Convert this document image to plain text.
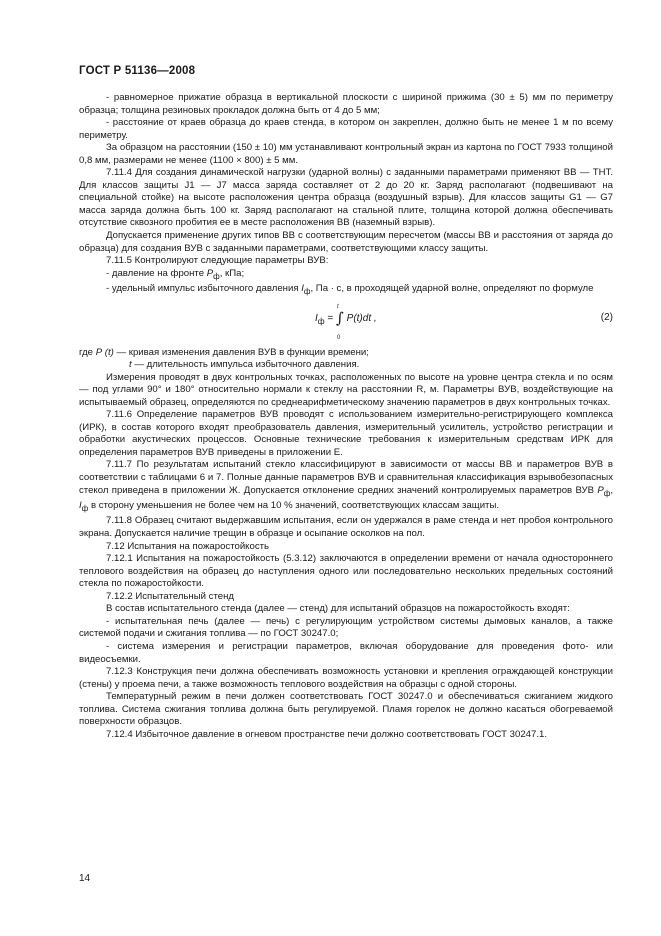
ГОСТ Р 51136—2008

- равномерное прижатие образца в вертикальной плоскости с шириной прижима (30 ± 5) мм по периметру образца; толщина резиновых прокладок должна быть от 4 до 5 мм;

- расстояние от краев образца до краев стенда, в котором он закреплен, должно быть не менее 1 м по всему периметру.

За образцом на расстоянии (150 ± 10) мм устанавливают контрольный экран из картона по ГОСТ 7933 толщиной 0,8 мм, размерами не менее (1100 × 800) ± 5 мм.

7.11.4 Для создания динамической нагрузки (ударной волны) с заданными параметрами применяют ВВ — ТНТ. Для классов защиты J1 — J7 масса заряда составляет от 2 до 20 кг. Заряд располагают (подвешивают на специальной стойке) на высоте расположения центра образца (воздушный взрыв). Для классов защиты G1 — G7 масса заряда должна быть 100 кг. Заряд располагают на стальной плите, толщина которой должна обеспечивать отсутствие сквозного пробития ее в месте расположения ВВ (наземный взрыв).

Допускается применение других типов ВВ с соответствующим пересчетом (массы ВВ и расстояния от заряда до образца) для создания ВУВ с заданными параметрами, соответствующими классу защиты.

7.11.5 Контролируют следующие параметры ВУВ:

- давление на фронте $Р_ф$, кПа;

- удельный импульс избыточного давления $I_ф$, Па · с, в проходящей ударной волне, определяют по формуле

t
$I_ф$ = ∫ P(t)dt ,
0
(2)

где Р (t) — кривая изменения давления ВУВ в функции времени;

t — длительность импульса избыточного давления.

Измерения проводят в двух контрольных точках, расположенных по высоте на уровне центра стекла и по осям — под углами 90° и 180° относительно нормали к стеклу на расстоянии R, м. Параметры ВУВ, воздействующие на испытываемый образец, определяются по среднеарифметическому значению параметров в двух контрольных точках.

7.11.6 Определение параметров ВУВ проводят с использованием измерительно-регистрирующего комплекса (ИРК), в состав которого входят преобразователь давления, измерительный усилитель, устройство регистрации и обработки акустических процессов. Основные технические требования к измерительным средствам ИРК для определения параметров ВУВ приведены в приложении Е.

7.11.7 По результатам испытаний стекло классифицируют в зависимости от массы ВВ и параметров ВУВ в соответствии с таблицами 6 и 7. Полные данные параметров ВУВ и сравнительная классификация взрывобезопасных стекол приведена в приложении Ж. Допускается отклонение средних значений контролируемых параметров ВУВ $Р_ф$, $I_ф$ в сторону уменьшения не более чем на 10 % значений, соответствующих классам защиты.

7.11.8 Образец считают выдержавшим испытания, если он удержался в раме стенда и нет пробоя контрольного экрана. Допускается наличие трещин в образце и осыпание осколков на пол.

7.12 Испытания на пожаростойкость

7.12.1 Испытания на пожаростойкость (5.3.12) заключаются в определении времени от начала одностороннего теплового воздействия на образец до наступления одного или последовательно нескольких предельных состояний стекла по пожаростойкости.

7.12.2 Испытательный стенд

В состав испытательного стенда (далее — стенд) для испытаний образцов на пожаростойкость входят:

- испытательная печь (далее — печь) с регулирующим устройством системы дымовых каналов, а также системой подачи и сжигания топлива — по ГОСТ 30247.0;

- система измерения и регистрации параметров, включая оборудование для проведения фото- или видеосъемки.

7.12.3 Конструкция печи должна обеспечивать возможность установки и крепления ограждающей конструкции (стены) у проема печи, а также возможность теплового воздействия на образцы с одной стороны.

Температурный режим в печи должен соответствовать ГОСТ 30247.0 и обеспечиваться сжиганием жидкого топлива. Система сжигания топлива должна быть регулируемой. Пламя горелок не должно касаться обогреваемой поверхности образцов.

7.12.4 Избыточное давление в огневом пространстве печи должно соответствовать ГОСТ 30247.1.

14
